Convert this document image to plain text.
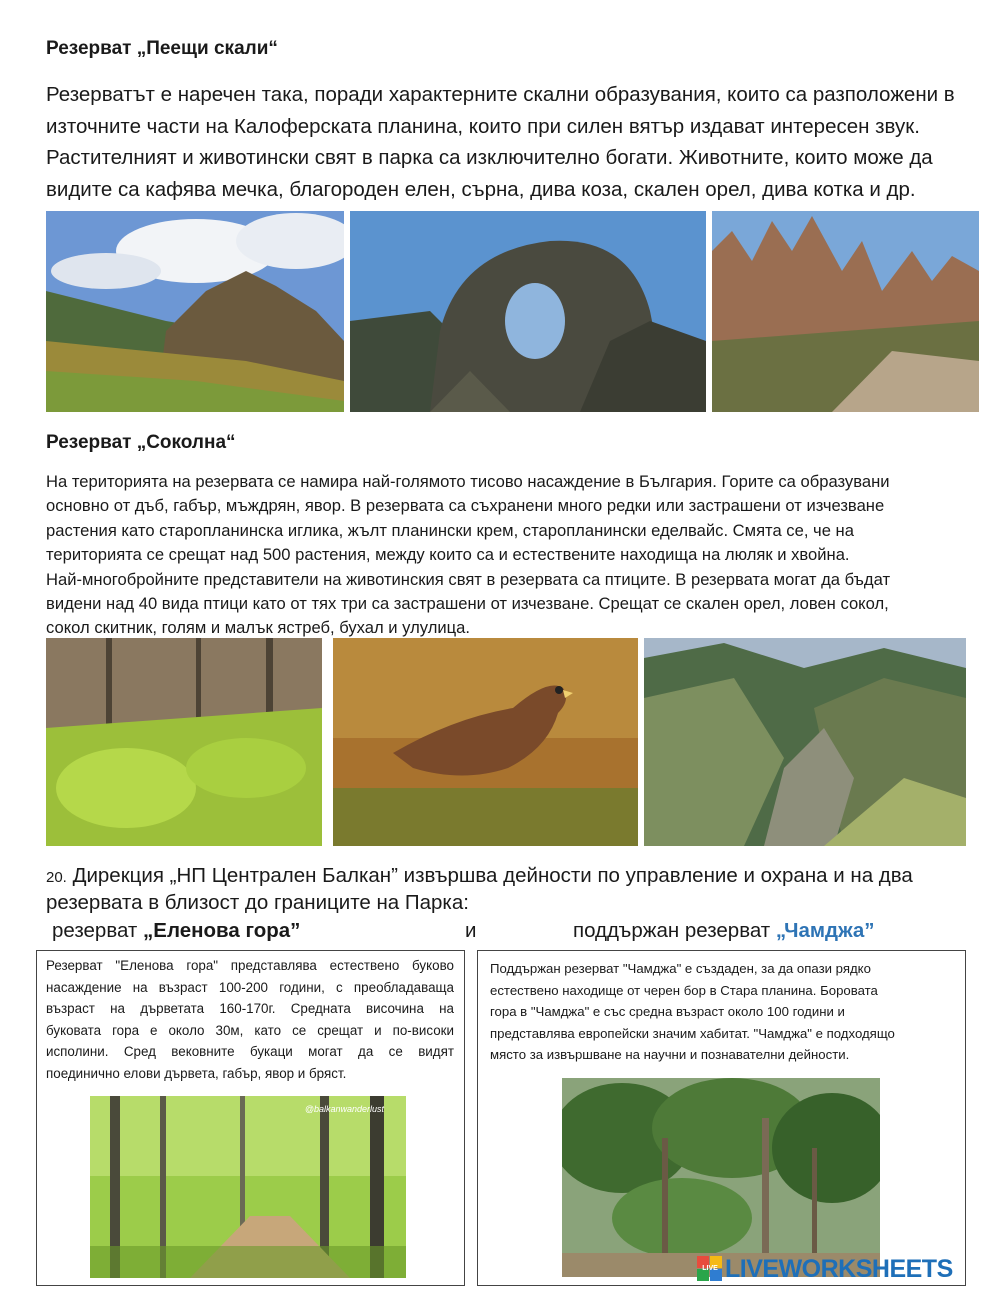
Резерват „Пеещи скали“
Резерватът е наречен така, поради характерните скални образувания, които са разположени в
източните части на Калоферската планина, които при силен вятър издават интересен звук.
Растителният и животински свят в парка са изключително богати. Животните, които може да
видите са кафява мечка, благороден елен, сърна, дива коза, скален орел, дива котка и др.
Резерват „Соколна“
На територията на резервата се намира най-голямото тисово насаждение в България. Горите са образувани
основно от дъб, габър, мъждрян, явор. В резервата са съхранени много редки или застрашени от изчезване
растения като старопланинска иглика, жълт планински крем, старопланински еделвайс. Смята се, че на
територията се срещат над 500 растения, между които са и естествените находища на люляк и хвойна.
Най-многобройните представители на животинския свят в резервата са птиците. В резервата могат да бъдат
видени над 40 вида птици като от тях три са застрашени от изчезване. Срещат се скален орел, ловен сокол,
сокол скитник, голям и малък ястреб, бухал и улулица.
20. Дирекция „НП Централен Балкан” извършва дейности по управление и охрана и на два
резервата в близост до границите на Парка:
резерват „Еленова гора”	и	поддържан резерват „Чамджа”
Резерват "Еленова гора" представлява естествено буково
насаждение на възраст 100-200 години, с преобладаваща
възраст на дърветата 160-170г. Средната височина на
буковата гора е около 30м, като се срещат и по-високи
исполини. Сред вековните букаци могат да се видят
поединично елови дървета, габър, явор и бряст.
@balkanwanderlust
Поддържан резерват "Чамджа" е създаден, за да опази рядко
естествено находище от черен бор в Стара планина. Боровата
гора в "Чамджа" е със средна възраст около 100 години и
представлява европейски значим хабитат. "Чамджа" е подходящо
място за извършване на научни и познавателни дейности.
LIVE LIVEWORKSHEETS
